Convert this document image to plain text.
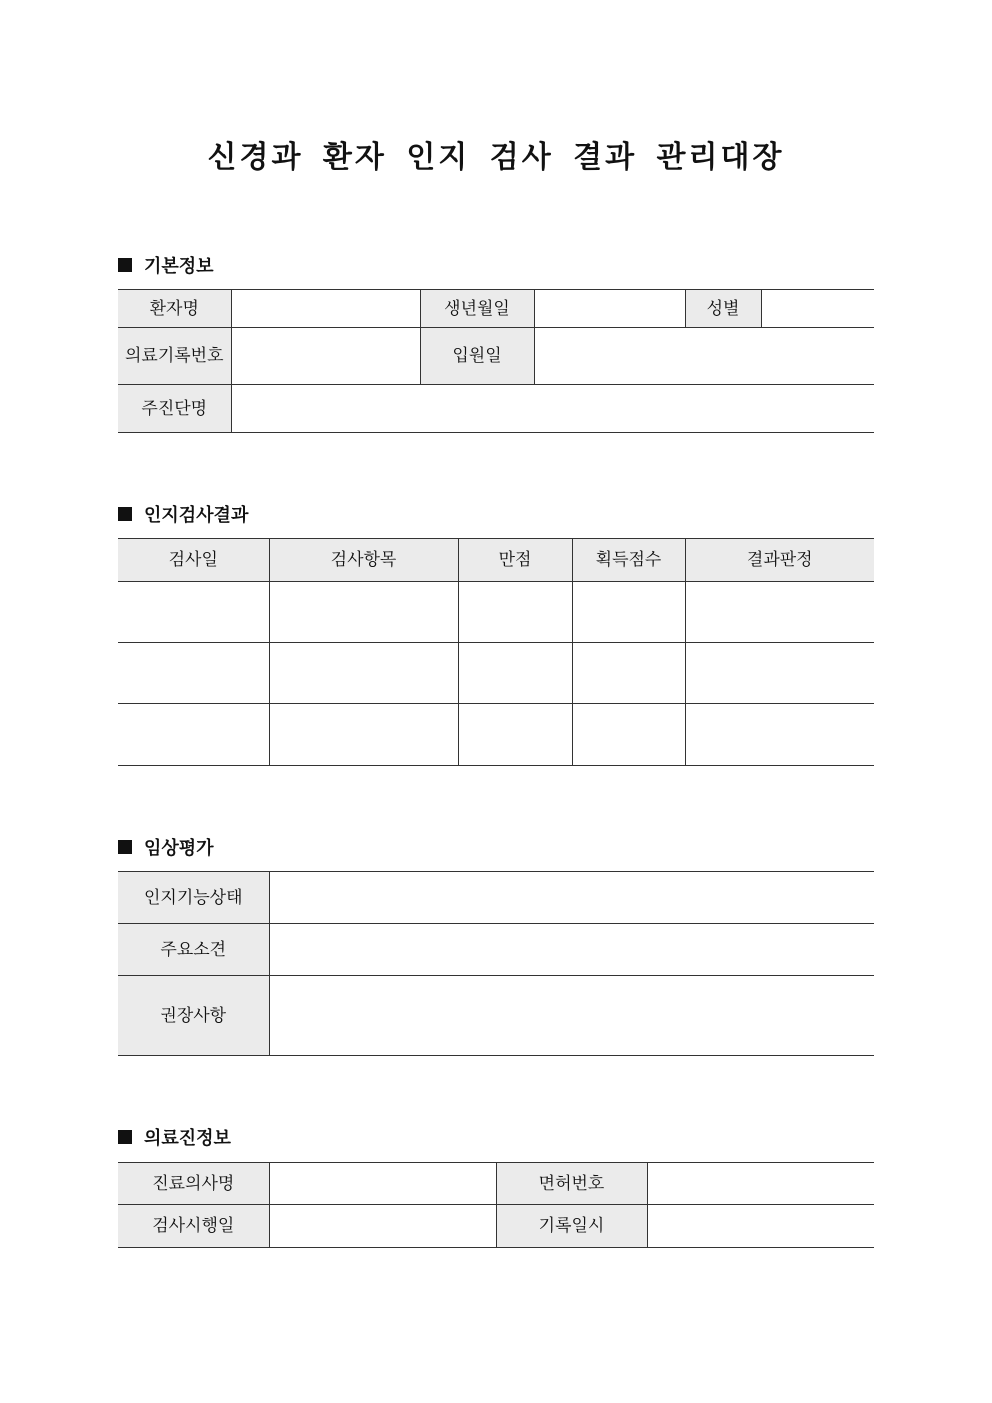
신경과 환자 인지 검사 결과 관리대장
기본정보
환자명		생년월일		성별	
의료기록번호		입원일			
주진단명					
인지검사결과
검사일	검사항목	만점	획득점수	결과판정

임상평가
인지기능상태	
주요소견	
권장사항	
의료진정보
진료의사명		면허번호	
검사시행일		기록일시	
